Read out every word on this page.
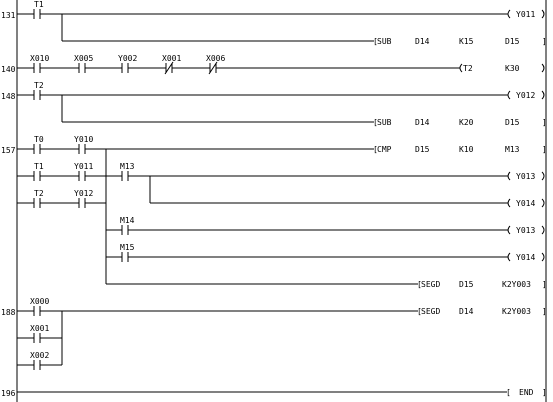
131
140
148
157
188
196
T1
Y011
[ SUB	D14	K15	D15	]
X010	X005	Y002	X001	X006
T2	K30
T2
Y012
[ SUB	D14	K20	D15	]
T0	Y010
[ CMP	D15	K10	M13	]
T1	Y011	M13
Y013
Y014
T2	Y012
M14
Y013
M15
Y014
[ SEGD D15	K2Y003 ]
X000
[ SEGD D14	K2Y003 ]
X001
X002
[ END ]
